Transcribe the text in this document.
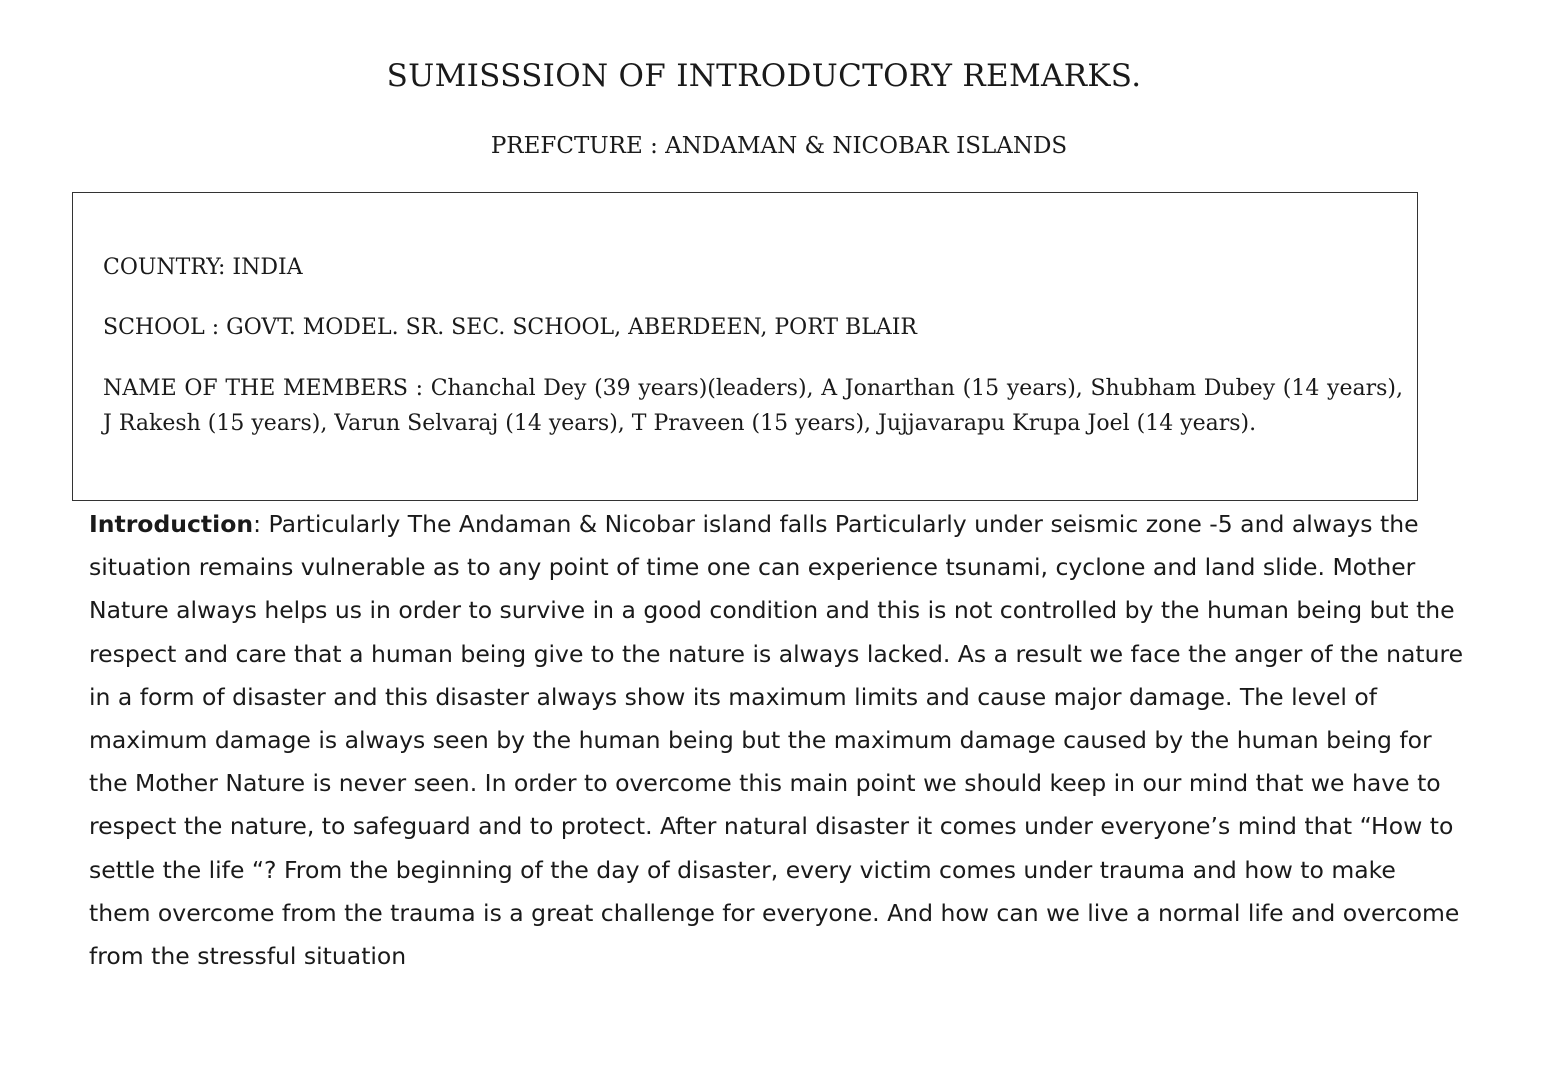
SUMISSSION OF INTRODUCTORY REMARKS.
PREFCTURE : ANDAMAN & NICOBAR ISLANDS
COUNTRY: INDIA
SCHOOL : GOVT. MODEL. SR. SEC. SCHOOL, ABERDEEN, PORT BLAIR
NAME OF THE MEMBERS : Chanchal Dey (39 years)(leaders), A Jonarthan (15 years), Shubham Dubey (14 years), J Rakesh (15 years), Varun Selvaraj (14 years), T Praveen (15 years), Jujjavarapu Krupa Joel (14 years).
Introduction: Particularly The Andaman & Nicobar island falls Particularly under seismic zone -5 and always the situation remains vulnerable as to any point of time one can experience tsunami, cyclone and land slide. Mother Nature always helps us in order to survive in a good condition and this is not controlled by the human being but the respect and care that a human being give to the nature is always lacked. As a result we face the anger of the nature in a form of disaster and this disaster always show its maximum limits and cause major damage. The level of maximum damage is always seen by the human being but the maximum damage caused by the human being for the Mother Nature is never seen. In order to overcome this main point we should keep in our mind that we have to respect the nature, to safeguard and to protect. After natural disaster it comes under everyone’s mind that “How to settle the life “? From the beginning of the day of disaster, every victim comes under trauma and how to make them overcome from the trauma is a great challenge for everyone. And how can we live a normal life and overcome from the stressful situation
